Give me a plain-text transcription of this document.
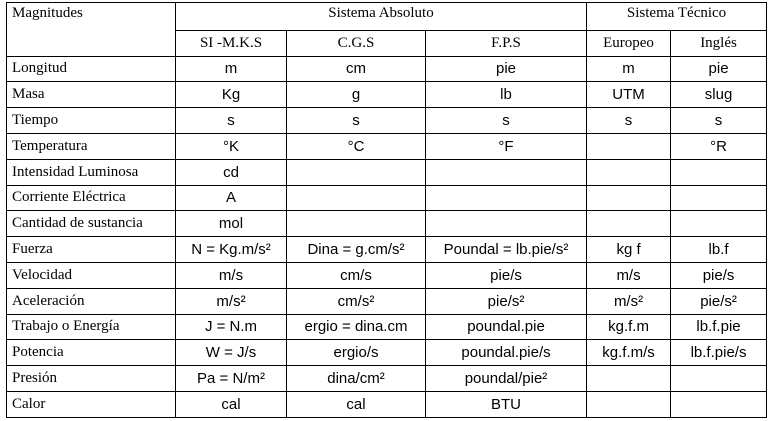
Magnitudes	Sistema Absoluto			Sistema Técnico	
	SI -M.K.S	C.G.S	F.P.S	Europeo	Inglés
Longitud	m	cm	pie	m	pie
Masa	Kg	g	lb	UTM	slug
Tiempo	s	s	s	s	s
Temperatura	°K	°C	°F		°R
Intensidad Luminosa	cd				
Corriente Eléctrica	A				
Cantidad de sustancia	mol				
Fuerza	N = Kg.m/s²	Dina = g.cm/s²	Poundal = lb.pie/s²	kg f	lb.f
Velocidad	m/s	cm/s	pie/s	m/s	pie/s
Aceleración	m/s²	cm/s²	pie/s²	m/s²	pie/s²
Trabajo o Energía	J = N.m	ergio = dina.cm	poundal.pie	kg.f.m	lb.f.pie
Potencia	W = J/s	ergio/s	poundal.pie/s	kg.f.m/s	lb.f.pie/s
Presión	Pa = N/m²	dina/cm²	poundal/pie²		
Calor	cal	cal	BTU		
